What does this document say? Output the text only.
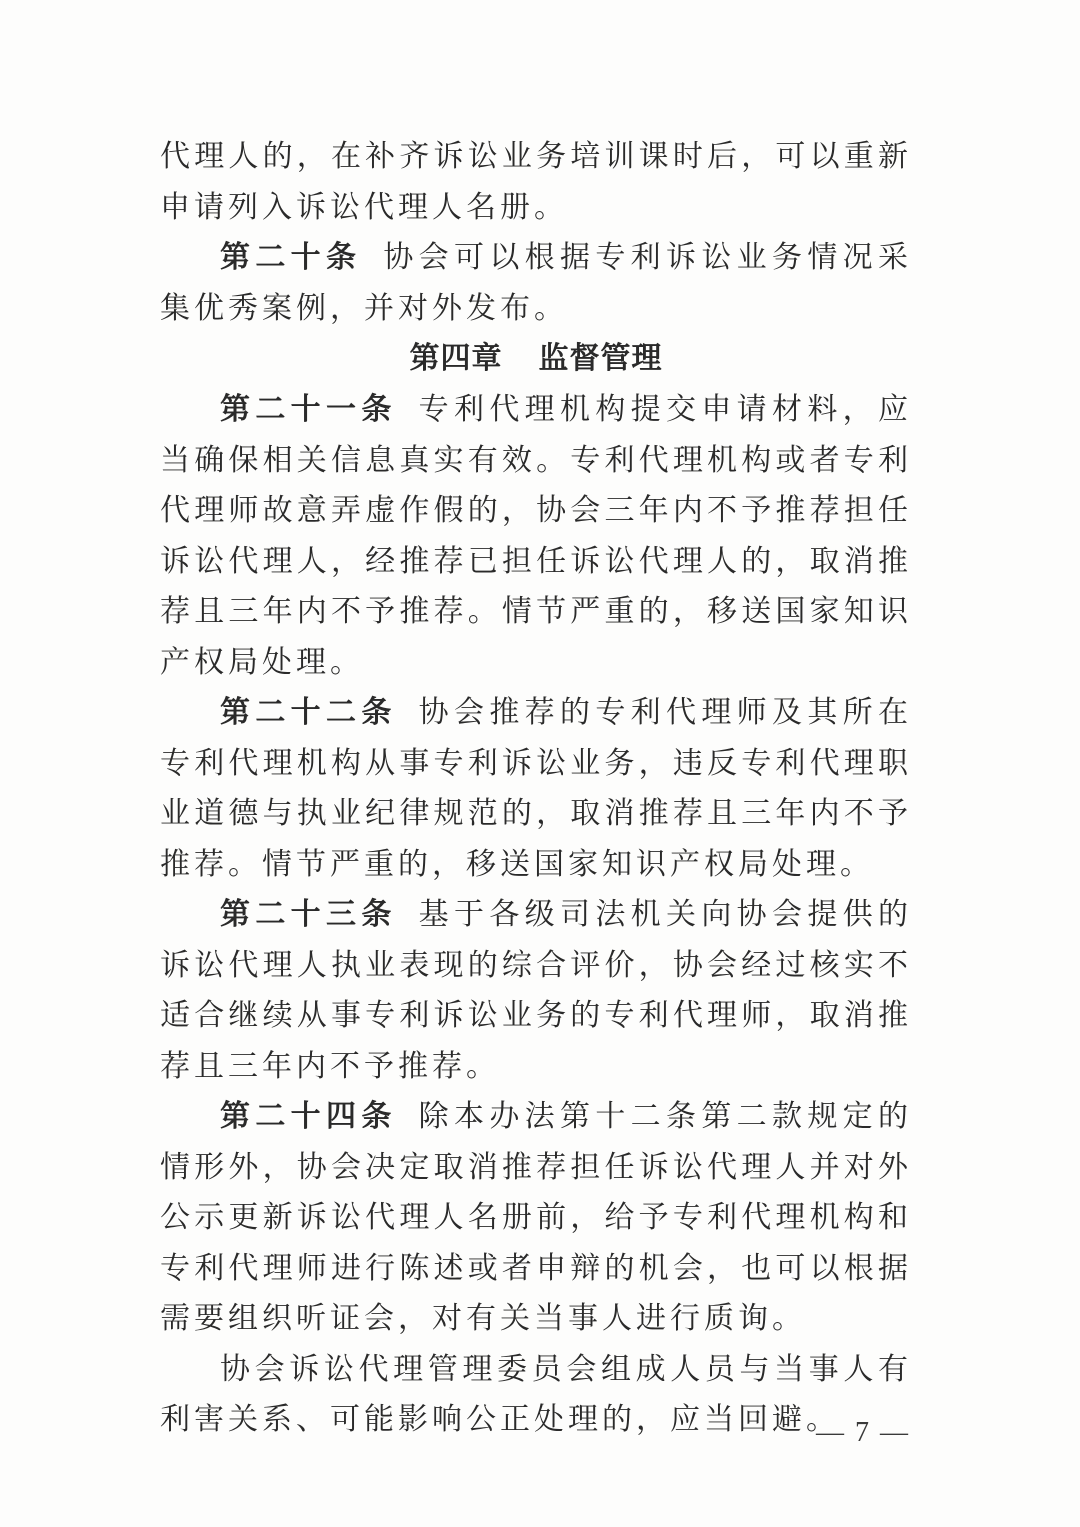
代理人的，在补齐诉讼业务培训课时后，可以重新申请列入诉讼代理人名册。

第二十条 协会可以根据专利诉讼业务情况采集优秀案例，并对外发布。

第四章 监督管理

第二十一条 专利代理机构提交申请材料，应当确保相关信息真实有效。专利代理机构或者专利代理师故意弄虚作假的，协会三年内不予推荐担任诉讼代理人，经推荐已担任诉讼代理人的，取消推荐且三年内不予推荐。情节严重的，移送国家知识产权局处理。

第二十二条 协会推荐的专利代理师及其所在专利代理机构从事专利诉讼业务，违反专利代理职业道德与执业纪律规范的，取消推荐且三年内不予推荐。情节严重的，移送国家知识产权局处理。

第二十三条 基于各级司法机关向协会提供的诉讼代理人执业表现的综合评价，协会经过核实不适合继续从事专利诉讼业务的专利代理师，取消推荐且三年内不予推荐。

第二十四条 除本办法第十二条第二款规定的情形外，协会决定取消推荐担任诉讼代理人并对外公示更新诉讼代理人名册前，给予专利代理机构和专利代理师进行陈述或者申辩的机会，也可以根据需要组织听证会，对有关当事人进行质询。

协会诉讼代理管理委员会组成人员与当事人有利害关系、可能影响公正处理的，应当回避。

— 7 —
